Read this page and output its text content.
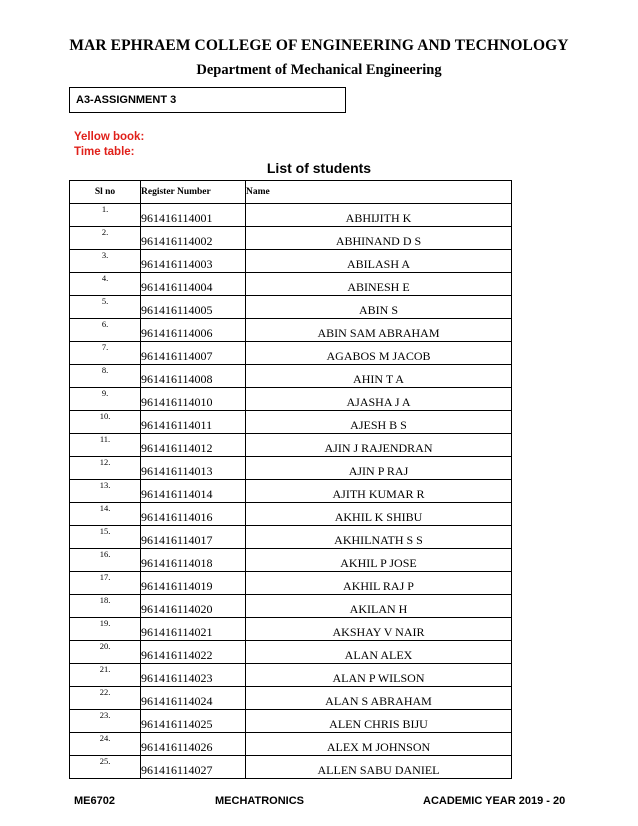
MAR EPHRAEM COLLEGE OF ENGINEERING AND TECHNOLOGY
Department of Mechanical Engineering
A3-ASSIGNMENT 3
Yellow book:
Time table:
List of students
Sl no	Register Number	Name
1.	961416114001	ABHIJITH K
2.	961416114002	ABHINAND D S
3.	961416114003	ABILASH A
4.	961416114004	ABINESH E
5.	961416114005	ABIN S
6.	961416114006	ABIN SAM ABRAHAM
7.	961416114007	AGABOS M JACOB
8.	961416114008	AHIN T A
9.	961416114010	AJASHA J A
10.	961416114011	AJESH B S
11.	961416114012	AJIN J RAJENDRAN
12.	961416114013	AJIN P RAJ
13.	961416114014	AJITH KUMAR R
14.	961416114016	AKHIL K SHIBU
15.	961416114017	AKHILNATH S S
16.	961416114018	AKHIL P JOSE
17.	961416114019	AKHIL RAJ P
18.	961416114020	AKILAN H
19.	961416114021	AKSHAY V NAIR
20.	961416114022	ALAN ALEX
21.	961416114023	ALAN P WILSON
22.	961416114024	ALAN S ABRAHAM
23.	961416114025	ALEN CHRIS BIJU
24.	961416114026	ALEX M JOHNSON
25.	961416114027	ALLEN SABU DANIEL
ME6702	MECHATRONICS	ACADEMIC YEAR 2019 - 20
